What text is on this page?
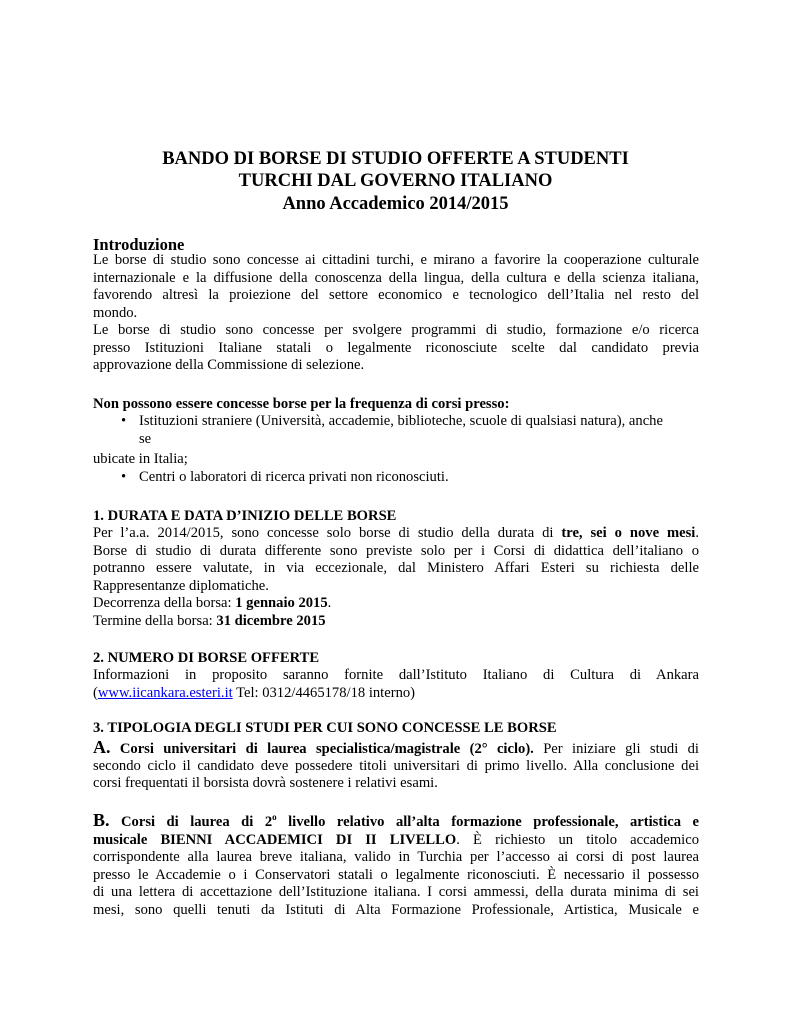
BANDO DI BORSE DI STUDIO OFFERTE A STUDENTI
TURCHI DAL GOVERNO ITALIANO
Anno Accademico 2014/2015
Introduzione
Le borse di studio sono concesse ai cittadini turchi, e mirano a favorire la cooperazione culturale
internazionale e la diffusione della conoscenza della lingua, della cultura e della scienza italiana,
favorendo altresì la proiezione del settore economico e tecnologico dell’Italia nel resto del
mondo.
Le borse di studio sono concesse per svolgere programmi di studio, formazione e/o ricerca
presso Istituzioni Italiane statali o legalmente riconosciute scelte dal candidato previa
approvazione della Commissione di selezione.
Non possono essere concesse borse per la frequenza di corsi presso:
• Istituzioni straniere (Università, accademie, biblioteche, scuole di qualsiasi natura), anche
se
ubicate in Italia;
• Centri o laboratori di ricerca privati non riconosciuti.
1. DURATA E DATA D’INIZIO DELLE BORSE
Per l’a.a. 2014/2015, sono concesse solo borse di studio della durata di tre, sei o nove mesi.
Borse di studio di durata differente sono previste solo per i Corsi di didattica dell’italiano o
potranno essere valutate, in via eccezionale, dal Ministero Affari Esteri su richiesta delle
Rappresentanze diplomatiche.
Decorrenza della borsa: 1 gennaio 2015.
Termine della borsa: 31 dicembre 2015
2. NUMERO DI BORSE OFFERTE
Informazioni in proposito saranno fornite dall’Istituto Italiano di Cultura di Ankara
(www.iicankara.esteri.it Tel: 0312/4465178/18 interno)
3. TIPOLOGIA DEGLI STUDI PER CUI SONO CONCESSE LE BORSE
A. Corsi universitari di laurea specialistica/magistrale (2° ciclo). Per iniziare gli studi di
secondo ciclo il candidato deve possedere titoli universitari di primo livello. Alla conclusione dei
corsi frequentati il borsista dovrà sostenere i relativi esami.
B. Corsi di laurea di 2$^o$ livello relativo all’alta formazione professionale, artistica e
musicale BIENNI ACCADEMICI DI II LIVELLO. È richiesto un titolo accademico
corrispondente alla laurea breve italiana, valido in Turchia per l’accesso ai corsi di post laurea
presso le Accademie o i Conservatori statali o legalmente riconosciuti. È necessario il possesso
di una lettera di accettazione dell’Istituzione italiana. I corsi ammessi, della durata minima di sei
mesi, sono quelli tenuti da Istituti di Alta Formazione Professionale, Artistica, Musicale e
